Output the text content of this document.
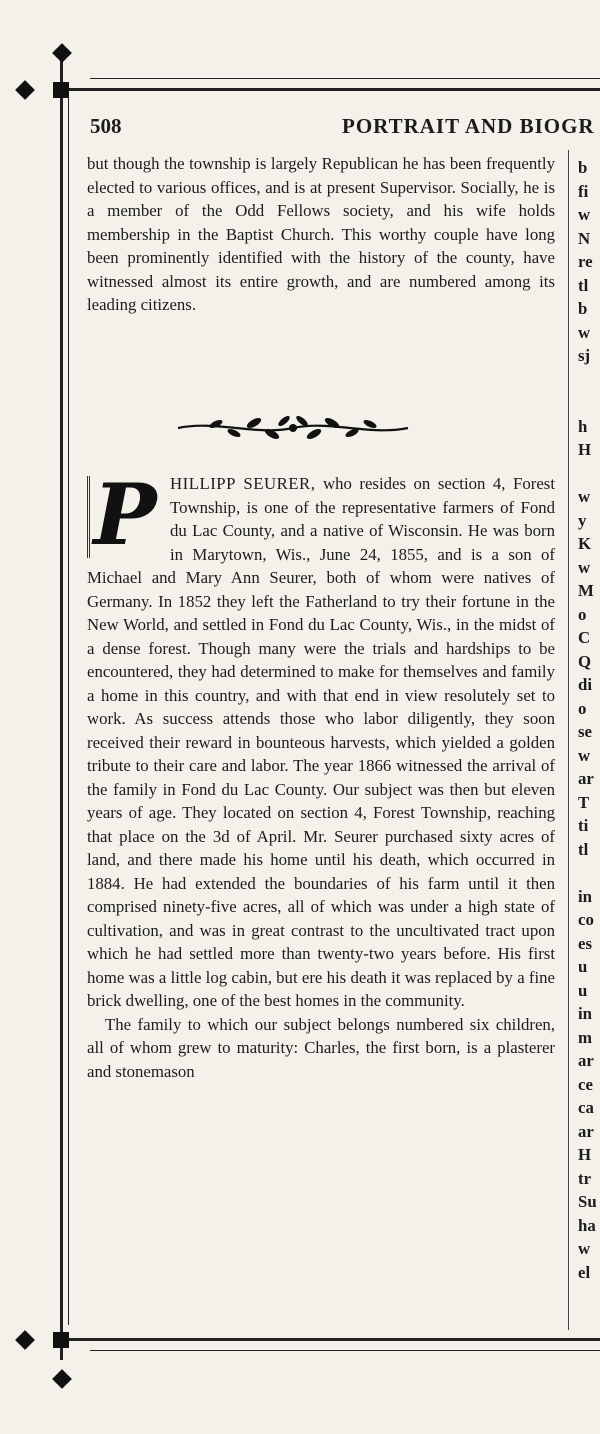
508	PORTRAIT AND BIOGR

but though the township is largely Republican he has been frequently elected to various offices, and is at present Supervisor. Socially, he is a member of the Odd Fellows society, and his wife holds membership in the Baptist Church. This worthy couple have long been prominently identified with the history of the county, have witnessed almost its entire growth, and are numbered among its leading citizens.

P HILLIPP SEURER, who resides on section 4, Forest Township, is one of the representative farmers of Fond du Lac County, and a native of Wisconsin. He was born in Marytown, Wis., June 24, 1855, and is a son of Michael and Mary Ann Seurer, both of whom were natives of Germany. In 1852 they left the Fatherland to try their fortune in the New World, and settled in Fond du Lac County, Wis., in the midst of a dense forest. Though many were the trials and hardships to be encountered, they had determined to make for themselves and family a home in this country, and with that end in view resolutely set to work. As success attends those who labor diligently, they soon received their reward in bounteous harvests, which yielded a golden tribute to their care and labor. The year 1866 witnessed the arrival of the family in Fond du Lac County. Our subject was then but eleven years of age. They located on section 4, Forest Township, reaching that place on the 3d of April. Mr. Seurer purchased sixty acres of land, and there made his home until his death, which occurred in 1884. He had extended the boundaries of his farm until it then comprised ninety-five acres, all of which was under a high state of cultivation, and was in great contrast to the uncultivated tract upon which he had settled more than twenty-two years before. His first home was a little log cabin, but ere his death it was replaced by a fine brick dwelling, one of the best homes in the community.

The family to which our subject belongs numbered six children, all of whom grew to maturity: Charles, the first born, is a plasterer and stonemason

b
fi
w
N
re
tl
b
w
sj
h
H
w
y
K
w
M
o
C
Q
di
o
se
w
ar
T
ti
tl
in
co
es
u
u
in
m
ar
ce
ca
ar
H
tr
Su
ha
w
el
